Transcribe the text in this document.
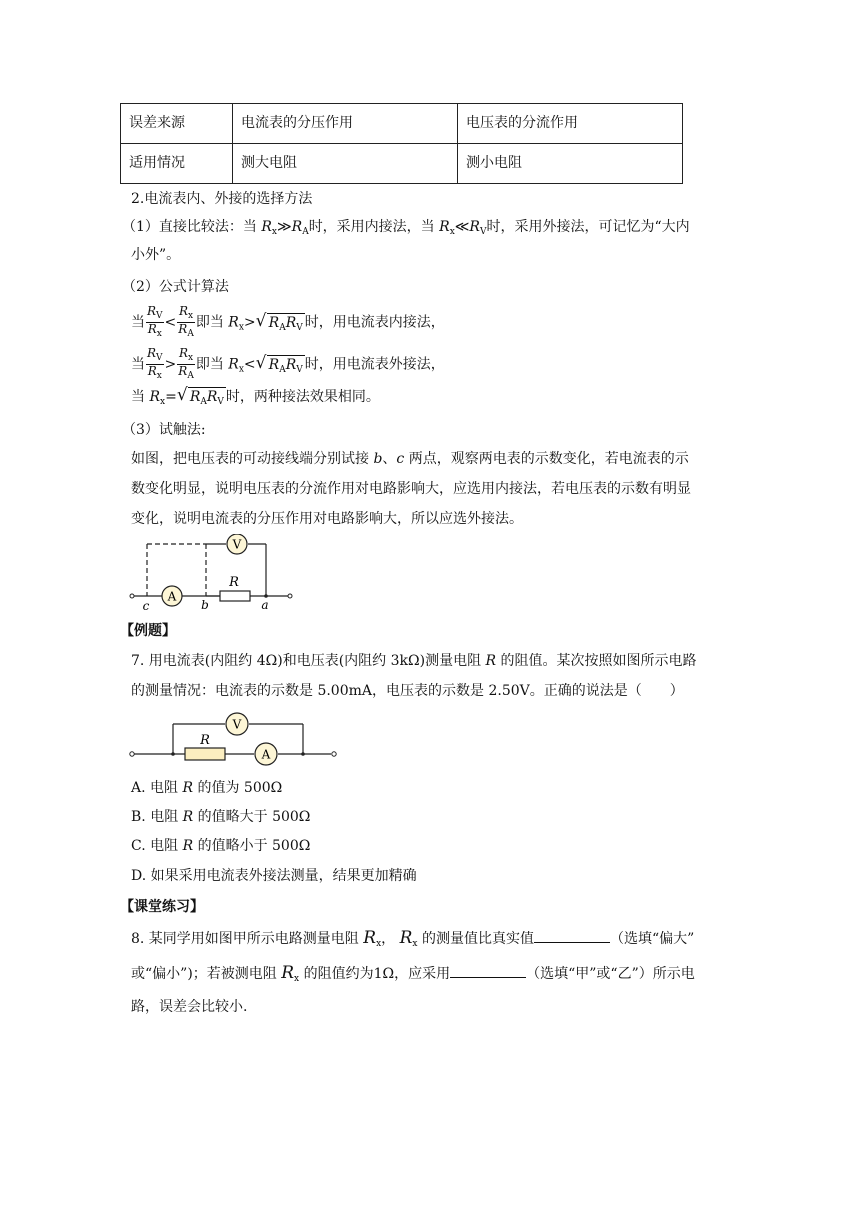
误差来源	电流表的分压作用	电压表的分流作用
适用情况	测大电阻	测小电阻
2.电流表内、外接的选择方法
（1）直接比较法：当 $R_x≫R_A$时，采用内接法，当 $R_x≪R_V$时，采用外接法，可记忆为“大内
小外”。
（2）公式计算法
当 $\frac{R_V}{R_x} < \frac{R_x}{R_A}$ 即当 $R_x>$ √ $R_AR_V$ 时，用电流表内接法，
当 $\frac{R_V}{R_x} > \frac{R_x}{R_A}$ 即当 $R_x<$ √ $R_AR_V$ 时，用电流表外接法，
当 $R_x=$ √ $R_AR_V$ 时，两种接法效果相同。
（3）试触法:
如图，把电压表的可动接线端分别试接 b、c 两点，观察两电表的示数变化，若电流表的示
数变化明显，说明电压表的分流作用对电路影响大，应选用内接法，若电压表的示数有明显
变化，说明电流表的分压作用对电路影响大，所以应选外接法。
V
A
R
c	b	a
【例题】
7. 用电流表(内阻约 4Ω)和电压表(内阻约 3kΩ)测量电阻 R 的阻值。某次按照如图所示电路
的测量情况：电流表的示数是 5.00mA，电压表的示数是 2.50V。正确的说法是（　　）
V
A
R
A. 电阻 R 的值为 500Ω
B. 电阻 R 的值略大于 500Ω
C. 电阻 R 的值略小于 500Ω
D. 如果采用电流表外接法测量，结果更加精确
【课堂练习】
8. 某同学用如图甲所示电路测量电阻 $R_x$， $R_x$ 的测量值比真实值	（选填“偏大”
或“偏小”)；若被测电阻 $R_x$ 的阻值约为1Ω，应采用	（选填“甲”或“乙”）所示电
路，误差会比较小.
